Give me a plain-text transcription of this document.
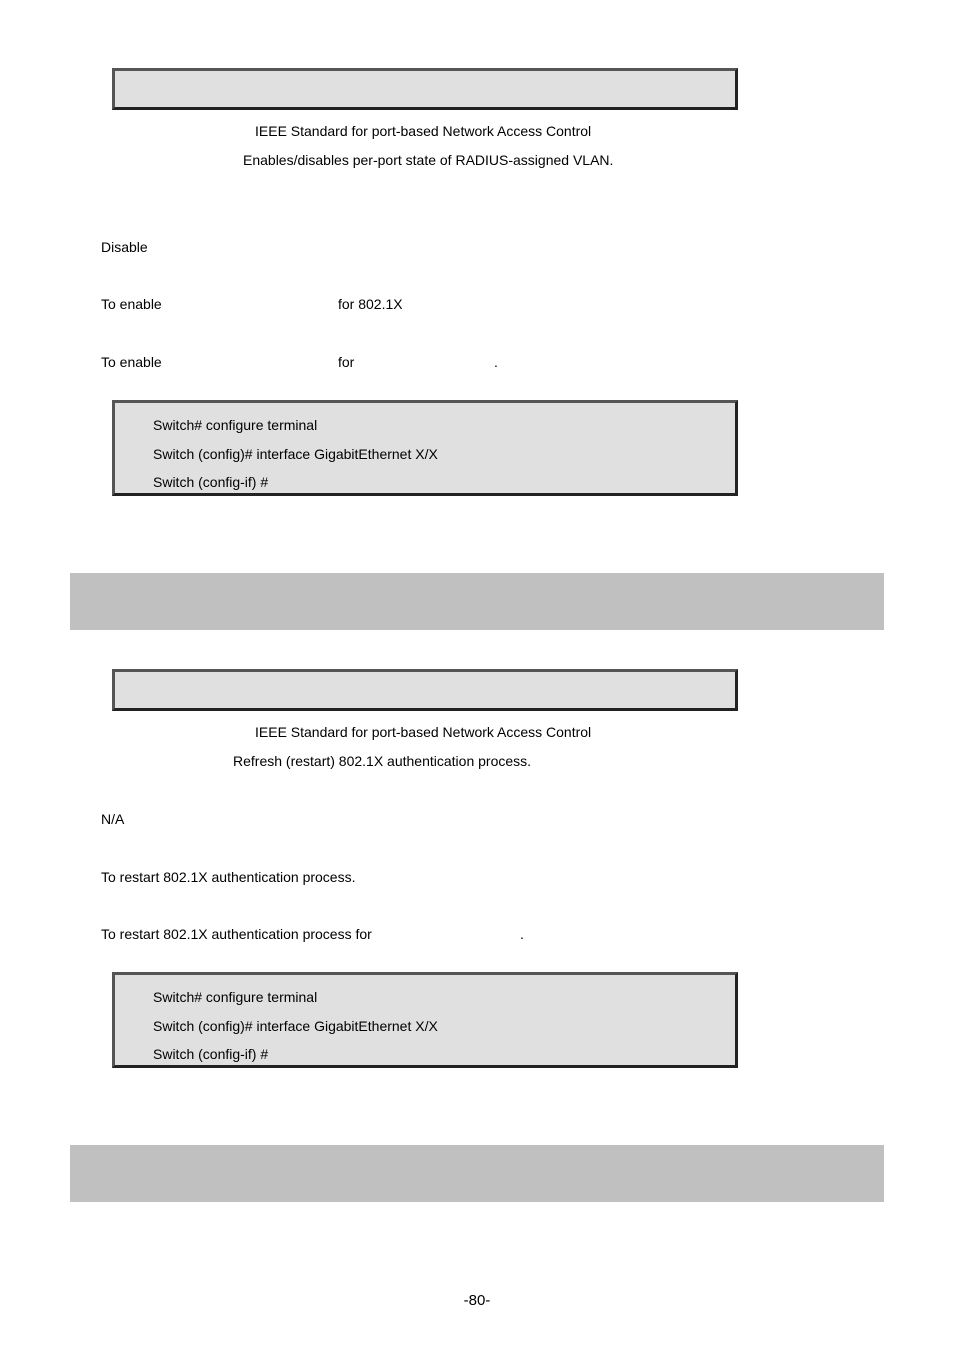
IEEE Standard for port-based Network Access Control
Enables/disables per-port state of RADIUS-assigned VLAN.
Disable
To enable	for 802.1X
To enable	for	.
Switch# configure terminal
Switch (config)# interface GigabitEthernet X/X
Switch (config-if) #
IEEE Standard for port-based Network Access Control
Refresh (restart) 802.1X authentication process.
N/A
To restart 802.1X authentication process.
To restart 802.1X authentication process for	.
Switch# configure terminal
Switch (config)# interface GigabitEthernet X/X
Switch (config-if) #
-80-
